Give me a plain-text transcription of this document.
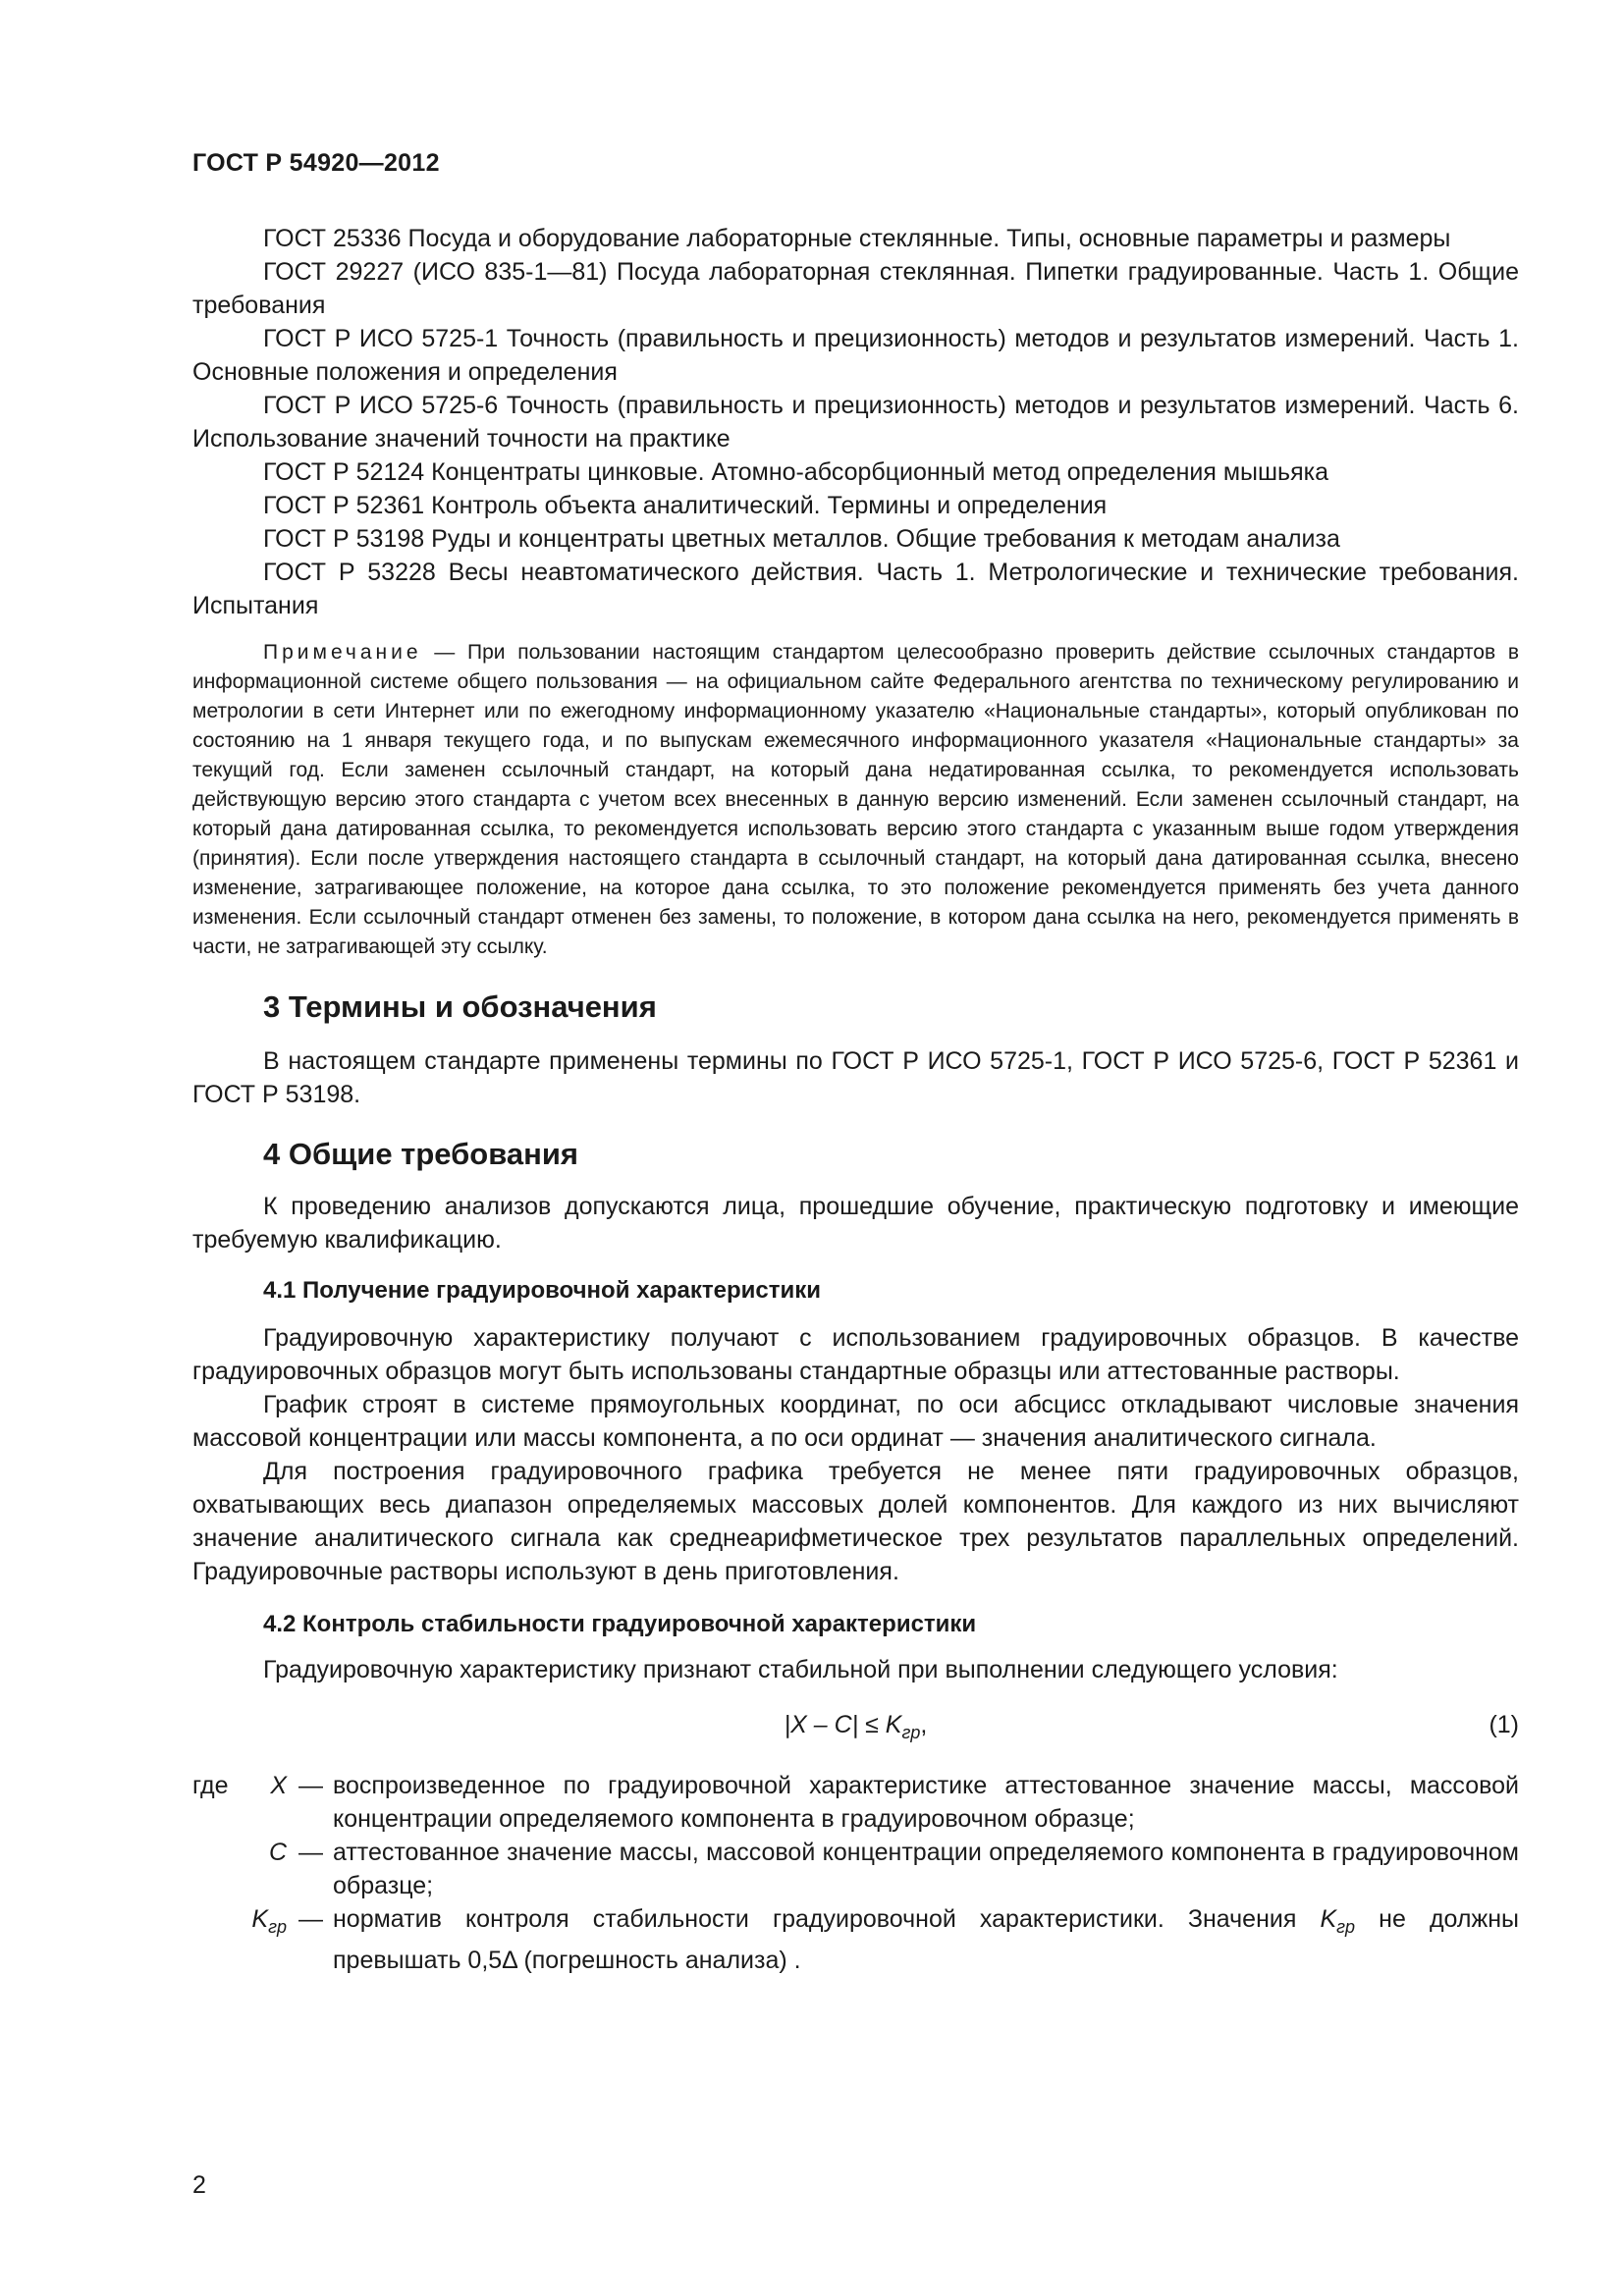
ГОСТ Р 54920—2012

ГОСТ 25336 Посуда и оборудование лабораторные стеклянные. Типы, основные параметры и размеры

ГОСТ 29227 (ИСО 835-1—81) Посуда лабораторная стеклянная. Пипетки градуированные. Часть 1. Общие требования

ГОСТ Р ИСО 5725-1 Точность (правильность и прецизионность) методов и результатов измерений. Часть 1. Основные положения и определения

ГОСТ Р ИСО 5725-6 Точность (правильность и прецизионность) методов и результатов измерений. Часть 6. Использование значений точности на практике

ГОСТ Р 52124 Концентраты цинковые. Атомно-абсорбционный метод определения мышьяка

ГОСТ Р 52361 Контроль объекта аналитический. Термины и определения

ГОСТ Р 53198 Руды и концентраты цветных металлов. Общие требования к методам анализа

ГОСТ Р 53228 Весы неавтоматического действия. Часть 1. Метрологические и технические требования. Испытания

Примечание — При пользовании настоящим стандартом целесообразно проверить действие ссылочных стандартов в информационной системе общего пользования — на официальном сайте Федерального агентства по техническому регулированию и метрологии в сети Интернет или по ежегодному информационному указателю «Национальные стандарты», который опубликован по состоянию на 1 января текущего года, и по выпускам ежемесячного информационного указателя «Национальные стандарты» за текущий год. Если заменен ссылочный стандарт, на который дана недатированная ссылка, то рекомендуется использовать действующую версию этого стандарта с учетом всех внесенных в данную версию изменений. Если заменен ссылочный стандарт, на который дана датированная ссылка, то рекомендуется использовать версию этого стандарта с указанным выше годом утверждения (принятия). Если после утверждения настоящего стандарта в ссылочный стандарт, на который дана датированная ссылка, внесено изменение, затрагивающее положение, на которое дана ссылка, то это положение рекомендуется применять без учета данного изменения. Если ссылочный стандарт отменен без замены, то положение, в котором дана ссылка на него, рекомендуется применять в части, не затрагивающей эту ссылку.

3 Термины и обозначения

В настоящем стандарте применены термины по ГОСТ Р ИСО 5725-1, ГОСТ Р ИСО 5725-6, ГОСТ Р 52361 и ГОСТ Р 53198.

4 Общие требования

К проведению анализов допускаются лица, прошедшие обучение, практическую подготовку и имеющие требуемую квалификацию.

4.1 Получение градуировочной характеристики

Градуировочную характеристику получают с использованием градуировочных образцов. В качестве градуировочных образцов могут быть использованы стандартные образцы или аттестованные растворы.

График строят в системе прямоугольных координат, по оси абсцисс откладывают числовые значения массовой концентрации или массы компонента, а по оси ординат — значения аналитического сигнала.

Для построения градуировочного графика требуется не менее пяти градуировочных образцов, охватывающих весь диапазон определяемых массовых долей компонентов. Для каждого из них вычисляют значение аналитического сигнала как среднеарифметическое трех результатов параллельных определений. Градуировочные растворы используют в день приготовления.

4.2 Контроль стабильности градуировочной характеристики

Градуировочную характеристику признают стабильной при выполнении следующего условия:

$|X - C| \le K_{гр}$,	(1)
где	X — воспроизведенное по градуировочной характеристике аттестованное значение массы, массовой концентрации определяемого компонента в градуировочном образце;
C — аттестованное значение массы, массовой концентрации определяемого компонента в градуировочном образце;
$K_{гр}$ — норматив контроля стабильности градуировочной характеристики. Значения $K_{гр}$ не должны превышать 0,5Δ (погрешность анализа) .
2
